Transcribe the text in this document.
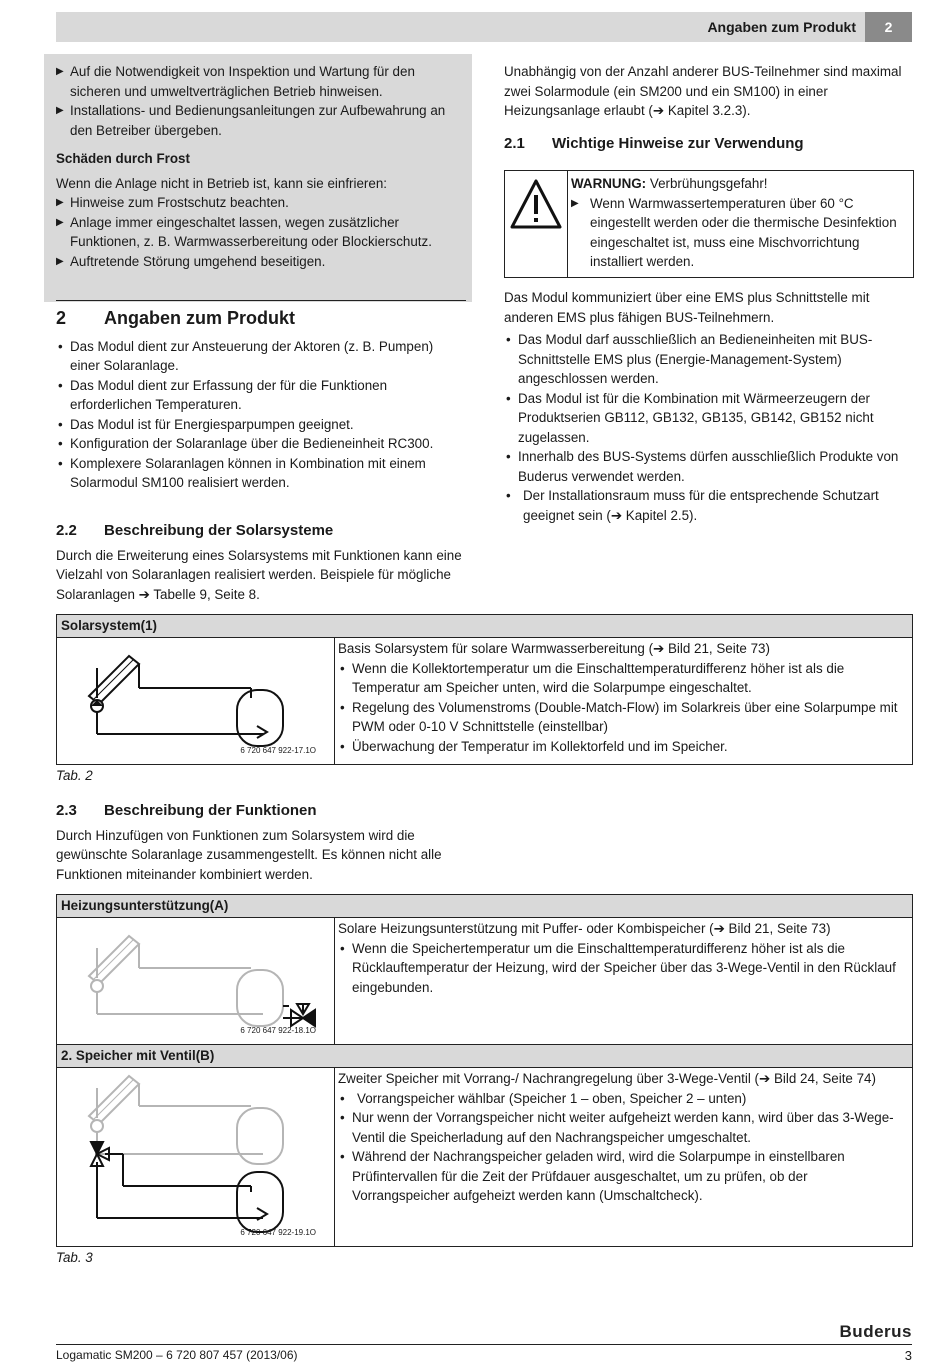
Angaben zum Produkt	2

▶ Auf die Notwendigkeit von Inspektion und Wartung für den sicheren und umweltverträglichen Betrieb hinweisen.

▶ Installations- und Bedienungsanleitungen zur Aufbewahrung an den Betreiber übergeben.

Schäden durch Frost

Wenn die Anlage nicht in Betrieb ist, kann sie einfrieren:

▶ Hinweise zum Frostschutz beachten.

▶ Anlage immer eingeschaltet lassen, wegen zusätzlicher Funktionen, z. B. Warmwasserbereitung oder Blockierschutz.

▶ Auftretende Störung umgehend beseitigen.

2 Angaben zum Produkt

• Das Modul dient zur Ansteuerung der Aktoren (z. B. Pumpen) einer Solaranlage.

• Das Modul dient zur Erfassung der für die Funktionen erforderlichen Temperaturen.

• Das Modul ist für Energiesparpumpen geeignet.

• Konfiguration der Solaranlage über die Bedieneinheit RC300.

• Komplexere Solaranlagen können in Kombination mit einem Solarmodul SM100 realisiert werden.

2.2 Beschreibung der Solarsysteme

Durch die Erweiterung eines Solarsystems mit Funktionen kann eine Vielzahl von Solaranlagen realisiert werden. Beispiele für mögliche Solaranlagen ➔ Tabelle 9, Seite 8.

Unabhängig von der Anzahl anderer BUS-Teilnehmer sind maximal zwei Solarmodule (ein SM200 und ein SM100) in einer Heizungsanlage erlaubt (➔ Kapitel 3.2.3).

2.1 Wichtige Hinweise zur Verwendung

WARNUNG: Verbrühungsgefahr!

▶ Wenn Warmwassertemperaturen über 60 °C eingestellt werden oder die thermische Desinfektion eingeschaltet ist, muss eine Mischvorrichtung installiert werden.

Das Modul kommuniziert über eine EMS plus Schnittstelle mit anderen EMS plus fähigen BUS-Teilnehmern.

• Das Modul darf ausschließlich an Bedieneinheiten mit BUS-Schnittstelle EMS plus (Energie-Management-System) angeschlossen werden.

• Das Modul ist für die Kombination mit Wärmeerzeugern der Produktserien GB112, GB132, GB135, GB142, GB152 nicht zugelassen.

• Innerhalb des BUS-Systems dürfen ausschließlich Produkte von Buderus verwendet werden.

• Der Installationsraum muss für die entsprechende Schutzart geeignet sein (➔ Kapitel 2.5).

Solarsystem(1)
6 720 647 922-17.1O

Basis Solarsystem für solare Warmwasserbereitung (➔ Bild 21, Seite 73)

• Wenn die Kollektortemperatur um die Einschalttemperaturdifferenz höher ist als die Temperatur am Speicher unten, wird die Solarpumpe eingeschaltet.

• Regelung des Volumenstroms (Double-Match-Flow) im Solarkreis über eine Solarpumpe mit PWM oder 0-10 V Schnittstelle (einstellbar)

• Überwachung der Temperatur im Kollektorfeld und im Speicher.

Tab. 2
2.3 Beschreibung der Funktionen

Durch Hinzufügen von Funktionen zum Solarsystem wird die gewünschte Solaranlage zusammengestellt. Es können nicht alle Funktionen miteinander kombiniert werden.

Heizungsunterstützung(A)
6 720 647 922-18.1O

Solare Heizungsunterstützung mit Puffer- oder Kombispeicher (➔ Bild 21, Seite 73)

• Wenn die Speichertemperatur um die Einschalttemperaturdifferenz höher ist als die Rücklauftemperatur der Heizung, wird der Speicher über das 3-Wege-Ventil in den Rücklauf eingebunden.

2. Speicher mit Ventil(B)
6 720 647 922-19.1O

Zweiter Speicher mit Vorrang-/ Nachrangregelung über 3-Wege-Ventil (➔ Bild 24, Seite 74)

• Vorrangspeicher wählbar (Speicher 1 – oben, Speicher 2 – unten)

• Nur wenn der Vorrangspeicher nicht weiter aufgeheizt werden kann, wird über das 3-Wege-Ventil die Speicherladung auf den Nachrangspeicher umgeschaltet.

• Während der Nachrangspeicher geladen wird, wird die Solarpumpe in einstellbaren Prüfintervallen für die Zeit der Prüfdauer ausgeschaltet, um zu prüfen, ob der Vorrangspeicher aufgeheizt werden kann (Umschaltcheck).

Tab. 3
Buderus
Logamatic SM200 – 6 720 807 457 (2013/06)	3
